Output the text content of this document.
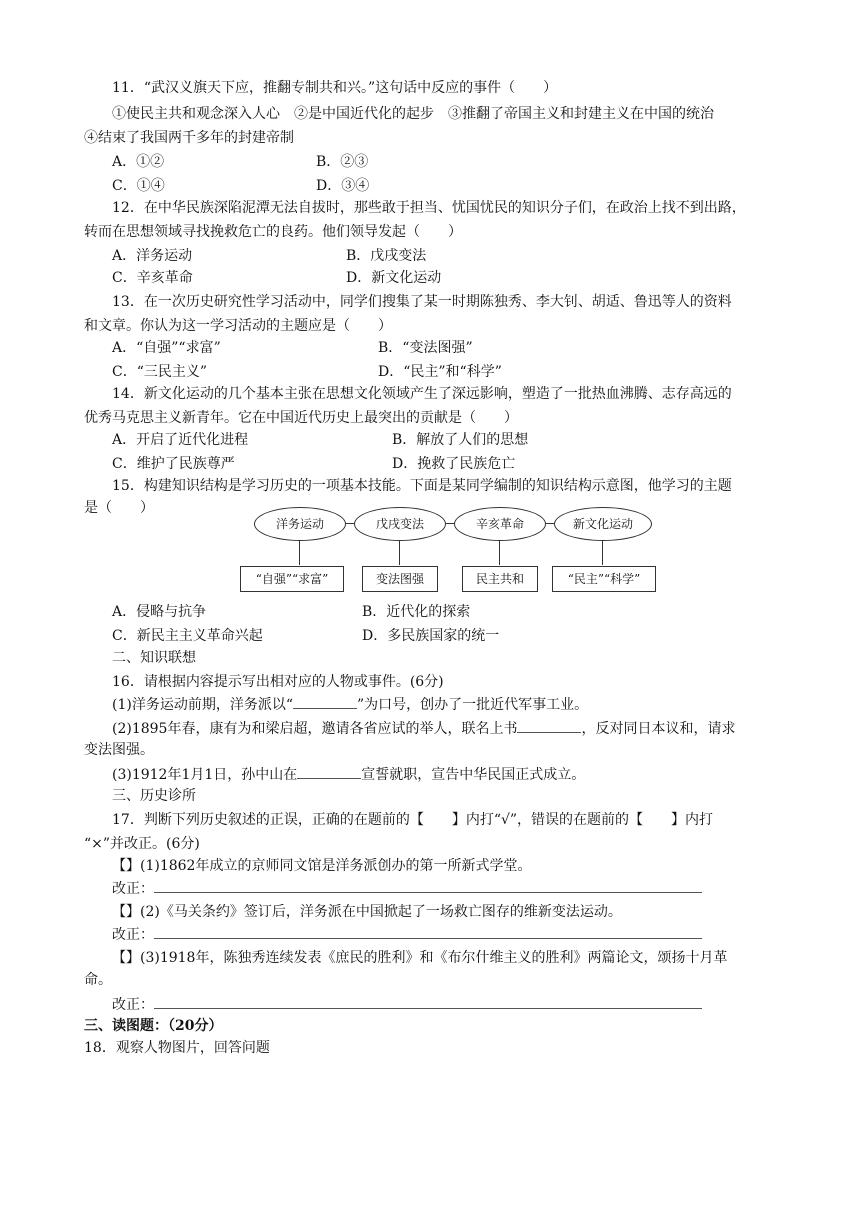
11．“武汉义旗天下应，推翻专制共和兴。”这句话中反应的事件（　　）
①使民主共和观念深入人心　②是中国近代化的起步　③推翻了帝国主义和封建主义在中国的统治
④结束了我国两千多年的封建帝制
A．①②	B．②③
C．①④	D．③④
12．在中华民族深陷泥潭无法自拔时，那些敢于担当、忧国忧民的知识分子们，在政治上找不到出路，
转而在思想领域寻找挽救危亡的良药。他们领导发起（　　）
A．洋务运动	B．戊戌变法
C．辛亥革命	D．新文化运动
13．在一次历史研究性学习活动中，同学们搜集了某一时期陈独秀、李大钊、胡适、鲁迅等人的资料
和文章。你认为这一学习活动的主题应是（　　）
A．“自强”“求富”	B．“变法图强”
C．“三民主义”	D．“民主”和“科学”
14．新文化运动的几个基本主张在思想文化领域产生了深远影响，塑造了一批热血沸腾、志存高远的
优秀马克思主义新青年。它在中国近代历史上最突出的贡献是（　　）
A．开启了近代化进程	B．解放了人们的思想
C．维护了民族尊严	D．挽救了民族危亡
15．构建知识结构是学习历史的一项基本技能。下面是某同学编制的知识结构示意图，他学习的主题
是（　　）
洋务运动	戊戌变法	辛亥革命	新文化运动
“自强”“求富”	变法图强	民主共和	“民主”“科学”
A．侵略与抗争	B．近代化的探索
C．新民主主义革命兴起	D．多民族国家的统一
二、知识联想
16．请根据内容提示写出相对应的人物或事件。(6分)
(1)洋务运动前期，洋务派以“	”为口号，创办了一批近代军事工业。
(2)1895年春，康有为和梁启超，邀请各省应试的举人，联名上书	，反对同日本议和，请求
变法图强。
(3)1912年1月1日，孙中山在	宣誓就职，宣告中华民国正式成立。
三、历史诊所
17．判断下列历史叙述的正误，正确的在题前的【　　】内打“√”，错误的在题前的【　　】内打
“×”并改正。(6分)
【】(1)1862年成立的京师同文馆是洋务派创办的第一所新式学堂。
改正：
【】(2)《马关条约》签订后，洋务派在中国掀起了一场救亡图存的维新变法运动。
改正：
【】(3)1918年，陈独秀连续发表《庶民的胜利》和《布尔什维主义的胜利》两篇论文，颂扬十月革
命。
改正：
三、读图题：（20分）
18．观察人物图片，回答问题
